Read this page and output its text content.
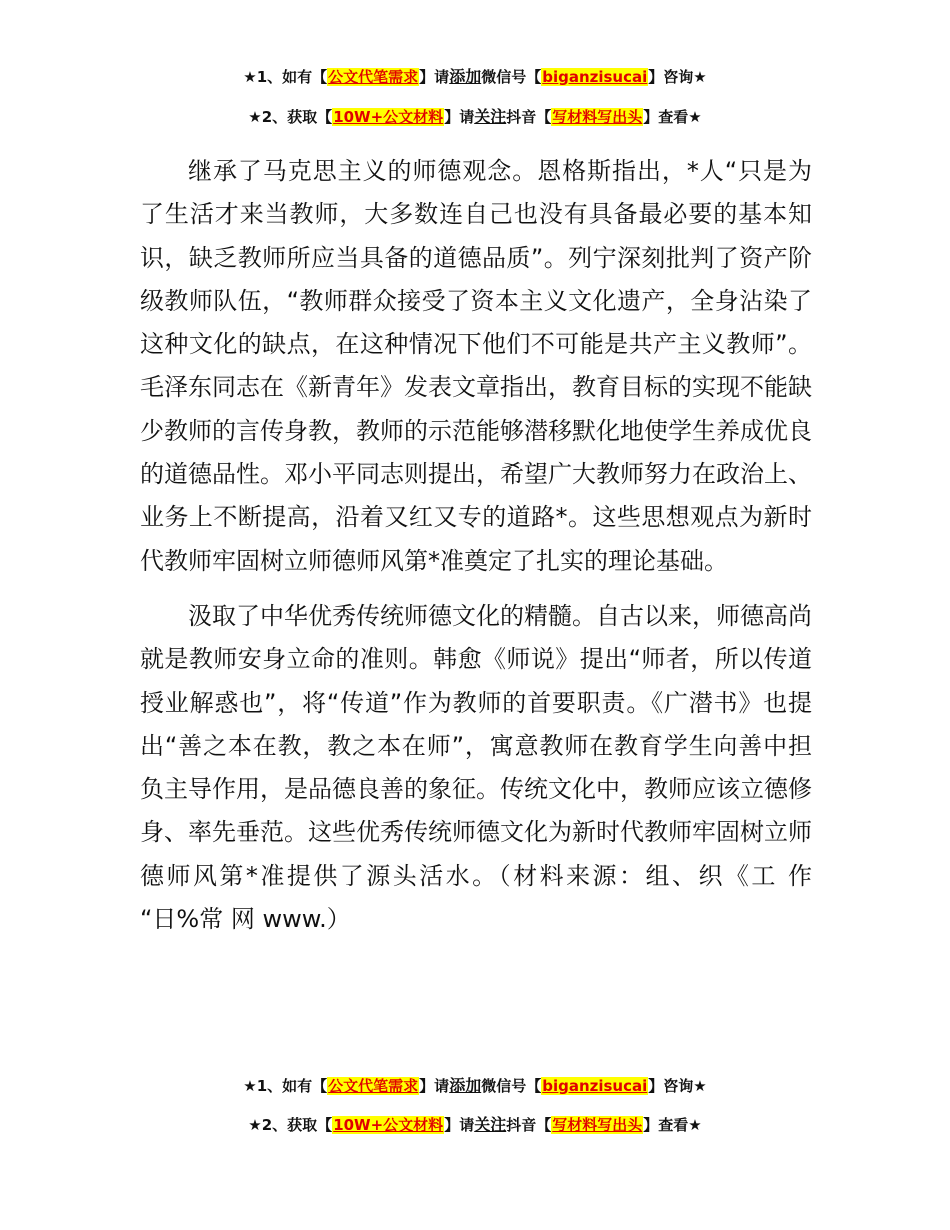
★1、如有【公文代笔需求】请添加微信号【biganzisucai】咨询★
★2、获取【10W+公文材料】请关注抖音【写材料写出头】查看★

继承了马克思主义的师德观念。恩格斯指出，*人“只是为了生活才来当教师，大多数连自己也没有具备最必要的基本知识，缺乏教师所应当具备的道德品质”。列宁深刻批判了资产阶级教师队伍，“教师群众接受了资本主义文化遗产，全身沾染了这种文化的缺点，在这种情况下他们不可能是共产主义教师”。毛泽东同志在《新青年》发表文章指出，教育目标的实现不能缺少教师的言传身教，教师的示范能够潜移默化地使学生养成优良的道德品性。邓小平同志则提出，希望广大教师努力在政治上、业务上不断提高，沿着又红又专的道路*。这些思想观点为新时代教师牢固树立师德师风第*准奠定了扎实的理论基础。

汲取了中华优秀传统师德文化的精髓。自古以来，师德高尚就是教师安身立命的准则。韩愈《师说》提出“师者，所以传道授业解惑也”，将“传道”作为教师的首要职责。《广潜书》也提出“善之本在教，教之本在师”，寓意教师在教育学生向善中担负主导作用，是品德良善的象征。传统文化中，教师应该立德修身、率先垂范。这些优秀传统师德文化为新时代教师牢固树立师德师风第*准提供了源头活水。（材料来源：组、织《工 作 “日%常 网 www.）

★1、如有【公文代笔需求】请添加微信号【biganzisucai】咨询★
★2、获取【10W+公文材料】请关注抖音【写材料写出头】查看★
